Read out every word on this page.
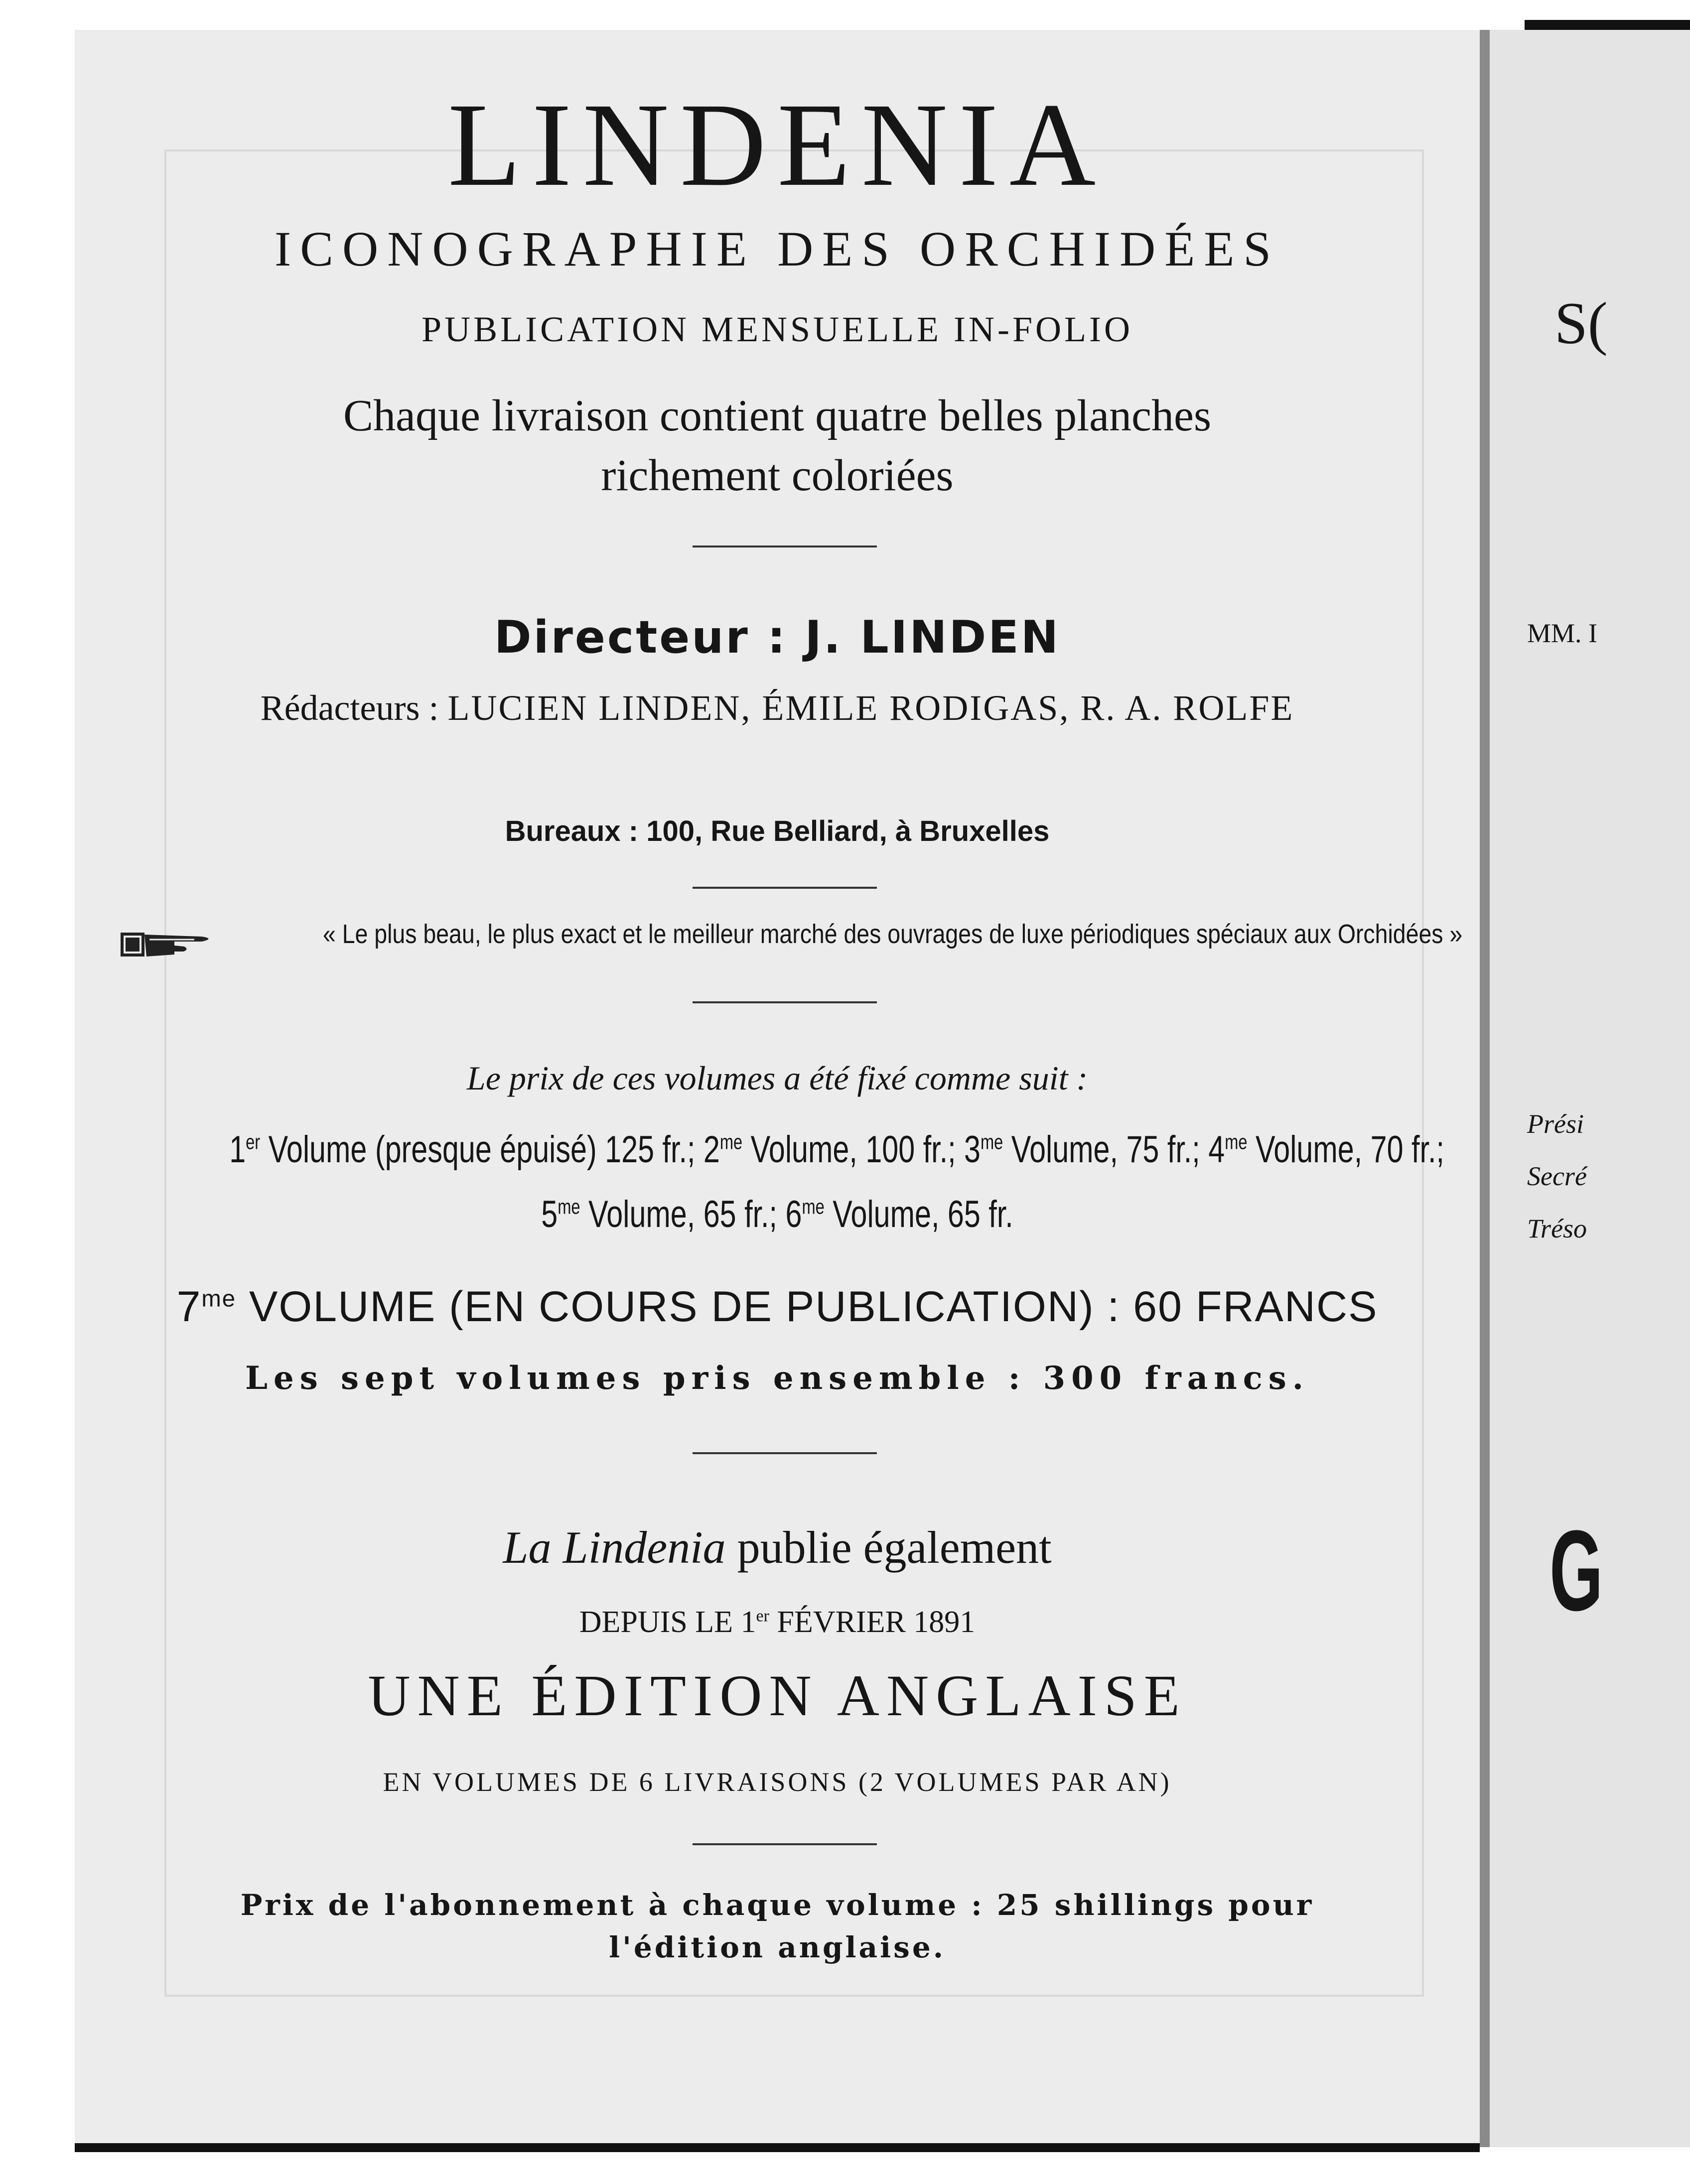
S(
MM. I
Prési
Secré
Tréso
G
LINDENIA
ICONOGRAPHIE DES ORCHIDÉES
PUBLICATION MENSUELLE IN-FOLIO
Chaque livraison contient quatre belles planches
richement coloriées
Directeur : J. LINDEN
Rédacteurs : LUCIEN LINDEN, ÉMILE RODIGAS, R. A. ROLFE
Bureaux : 100, Rue Belliard, à Bruxelles
« Le plus beau, le plus exact et le meilleur marché des ouvrages de luxe périodiques spéciaux aux Orchidées »
Le prix de ces volumes a été fixé comme suit :
1er Volume (presque épuisé) 125 fr.; $2^{me}$ Volume, 100 fr.; $3^{me}$ Volume, 75 fr.; $4^{me}$ Volume, 70 fr.;
$5^{me}$ Volume, 65 fr.; $6^{me}$ Volume, 65 fr.
$7^{me}$ VOLUME (EN COURS DE PUBLICATION) : 60 FRANCS
Les sept volumes pris ensemble : 300 francs.
La Lindenia publie également
DEPUIS LE 1er FÉVRIER 1891
UNE ÉDITION ANGLAISE
EN VOLUMES DE 6 LIVRAISONS (2 VOLUMES PAR AN)
Prix de l'abonnement à chaque volume : 25 shillings pour
l'édition anglaise.
